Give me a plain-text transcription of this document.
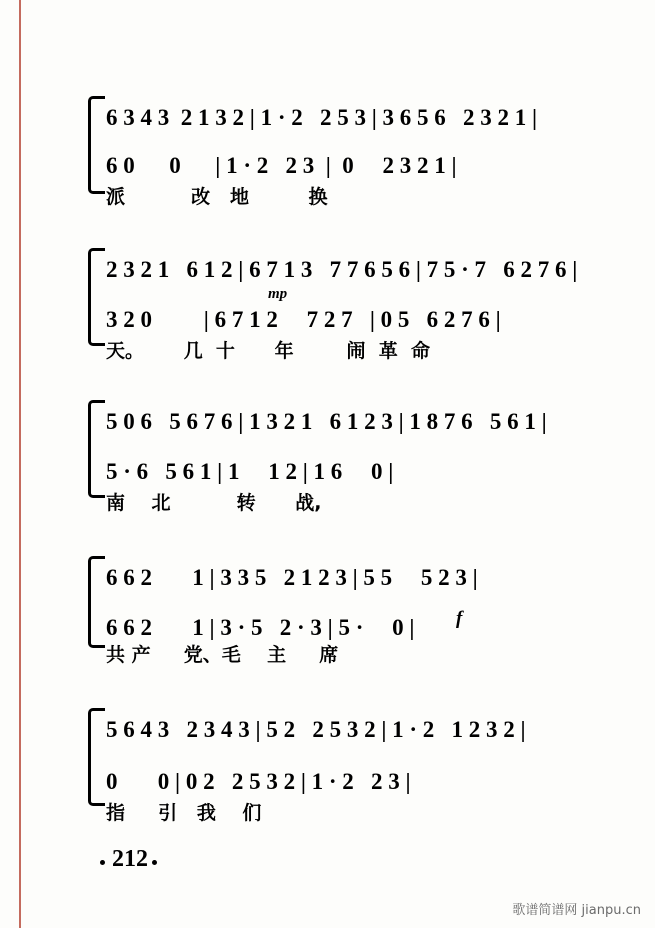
6 3 4 3  2 1 3 2 | 1 · 2   2 5 3 | 3 6 5 6   2 3 2 1 |
6 0      0      | 1 · 2   2 3  |  0     2 3 2 1 |
派          改   地         换
2 3 2 1   6 1 2 | 6 7 1 3   7 7 6 5 6 | 7 5 · 7   6 2 7 6 |
mp
3 2 0         | 6 7 1 2     7 2 7   | 0 5   6 2 7 6 |
天。      几  十      年        闹  革  命
5 0 6   5 6 7 6 | 1 3 2 1   6 1 2 3 | 1 8 7 6   5 6 1 |
5 · 6   5 6 1 | 1     1 2 | 1 6     0 |
南    北          转      战,
6 6 2       1 | 3 3 5   2 1 2 3 | 5 5     5 2 3 |
f
6 6 2       1 | 3 · 5   2 · 3 | 5 ·     0 |
共 产     党、毛    主     席
5 6 4 3   2 3 4 3 | 5 2   2 5 3 2 | 1 · 2   1 2 3 2 |
0       0 | 0 2   2 5 3 2 | 1 · 2   2 3 |
指     引   我    们
212
歌谱简谱网 jianpu.cn
